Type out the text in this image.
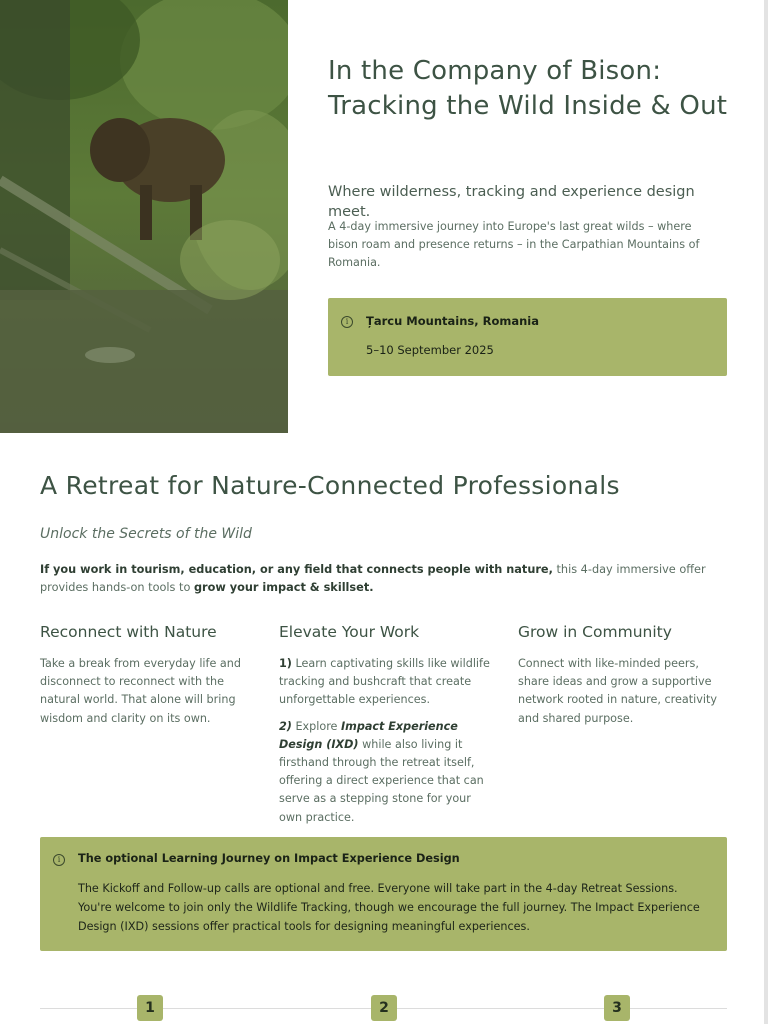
In the Company of Bison: Tracking the Wild Inside & Out

Where wilderness, tracking and experience design meet.

A 4-day immersive journey into Europe's last great wilds – where bison roam and presence returns – in the Carpathian Mountains of Romania.

i	Țarcu Mountains, Romania
5–10 September 2025
A Retreat for Nature-Connected Professionals

Unlock the Secrets of the Wild

If you work in tourism, education, or any field that connects people with nature, this 4-day immersive offer provides hands-on tools to grow your impact & skillset.

Reconnect with Nature

Take a break from everyday life and disconnect to reconnect with the natural world. That alone will bring wisdom and clarity on its own.

Elevate Your Work

1) Learn captivating skills like wildlife tracking and bushcraft that create unforgettable experiences.

2) Explore Impact Experience Design (IXD) while also living it firsthand through the retreat itself, offering a direct experience that can serve as a stepping stone for your own practice.

Grow in Community

Connect with like-minded peers, share ideas and grow a supportive network rooted in nature, creativity and shared purpose.

i	The optional Learning Journey on Impact Experience Design

The Kickoff and Follow-up calls are optional and free. Everyone will take part in the 4-day Retreat Sessions. You're welcome to join only the Wildlife Tracking, though we encourage the full journey. The Impact Experience Design (IXD) sessions offer practical tools for designing meaningful experiences.

1	2	3
